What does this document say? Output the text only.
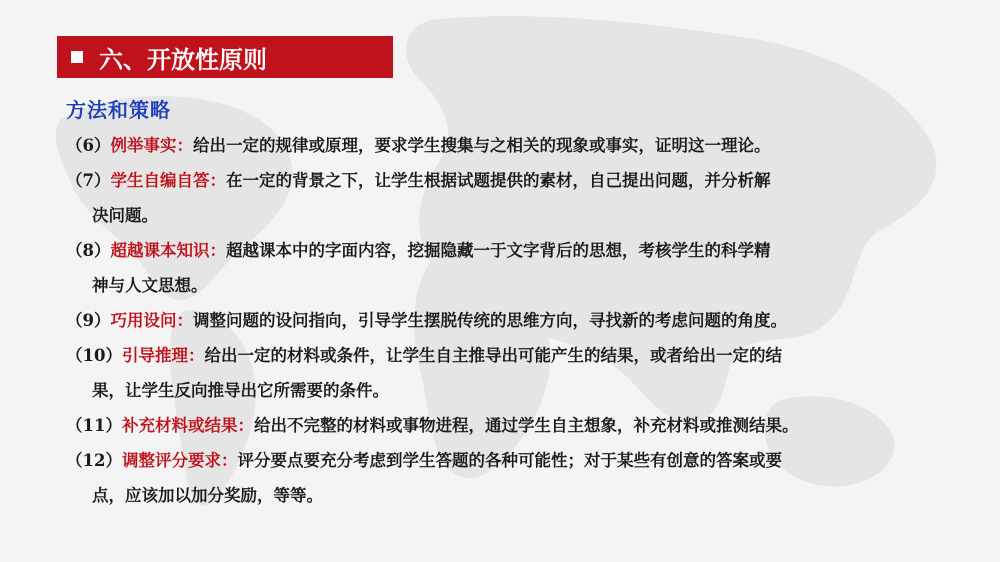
六、开放性原则
方法和策略
（6）例举事实：给出一定的规律或原理，要求学生搜集与之相关的现象或事实，证明这一理论。
（7）学生自编自答：在一定的背景之下，让学生根据试题提供的素材，自己提出问题，并分析解
决问题。
（8）超越课本知识：超越课本中的字面内容，挖掘隐藏一于文字背后的思想，考核学生的科学精
神与人文思想。
（9）巧用设问：调整问题的设问指向，引导学生摆脱传统的思维方向，寻找新的考虑问题的角度。
（10）引导推理：给出一定的材料或条件，让学生自主推导出可能产生的结果，或者给出一定的结
果，让学生反向推导出它所需要的条件。
（11）补充材料或结果：给出不完整的材料或事物进程，通过学生自主想象，补充材料或推测结果。
（12）调整评分要求：评分要点要充分考虑到学生答题的各种可能性；对于某些有创意的答案或要
点，应该加以加分奖励，等等。
